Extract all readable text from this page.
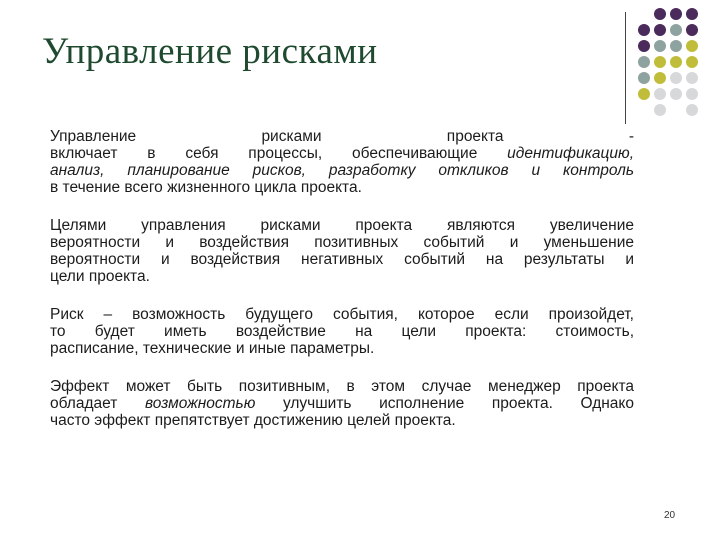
Управление рисками
Управление рисками проекта -
включает в себя процессы, обеспечивающие идентификацию,
анализ, планирование рисков, разработку откликов и контроль
в течение всего жизненного цикла проекта.
Целями управления рисками проекта являются увеличение
вероятности и воздействия позитивных событий и уменьшение
вероятности и воздействия негативных событий на результаты и
цели проекта.
Риск – возможность будущего события, которое если произойдет,
то будет иметь воздействие на цели проекта: стоимость,
расписание, технические и иные параметры.
Эффект может быть позитивным, в этом случае менеджер проекта
обладает возможностью улучшить исполнение проекта. Однако
часто эффект препятствует достижению целей проекта.
20
